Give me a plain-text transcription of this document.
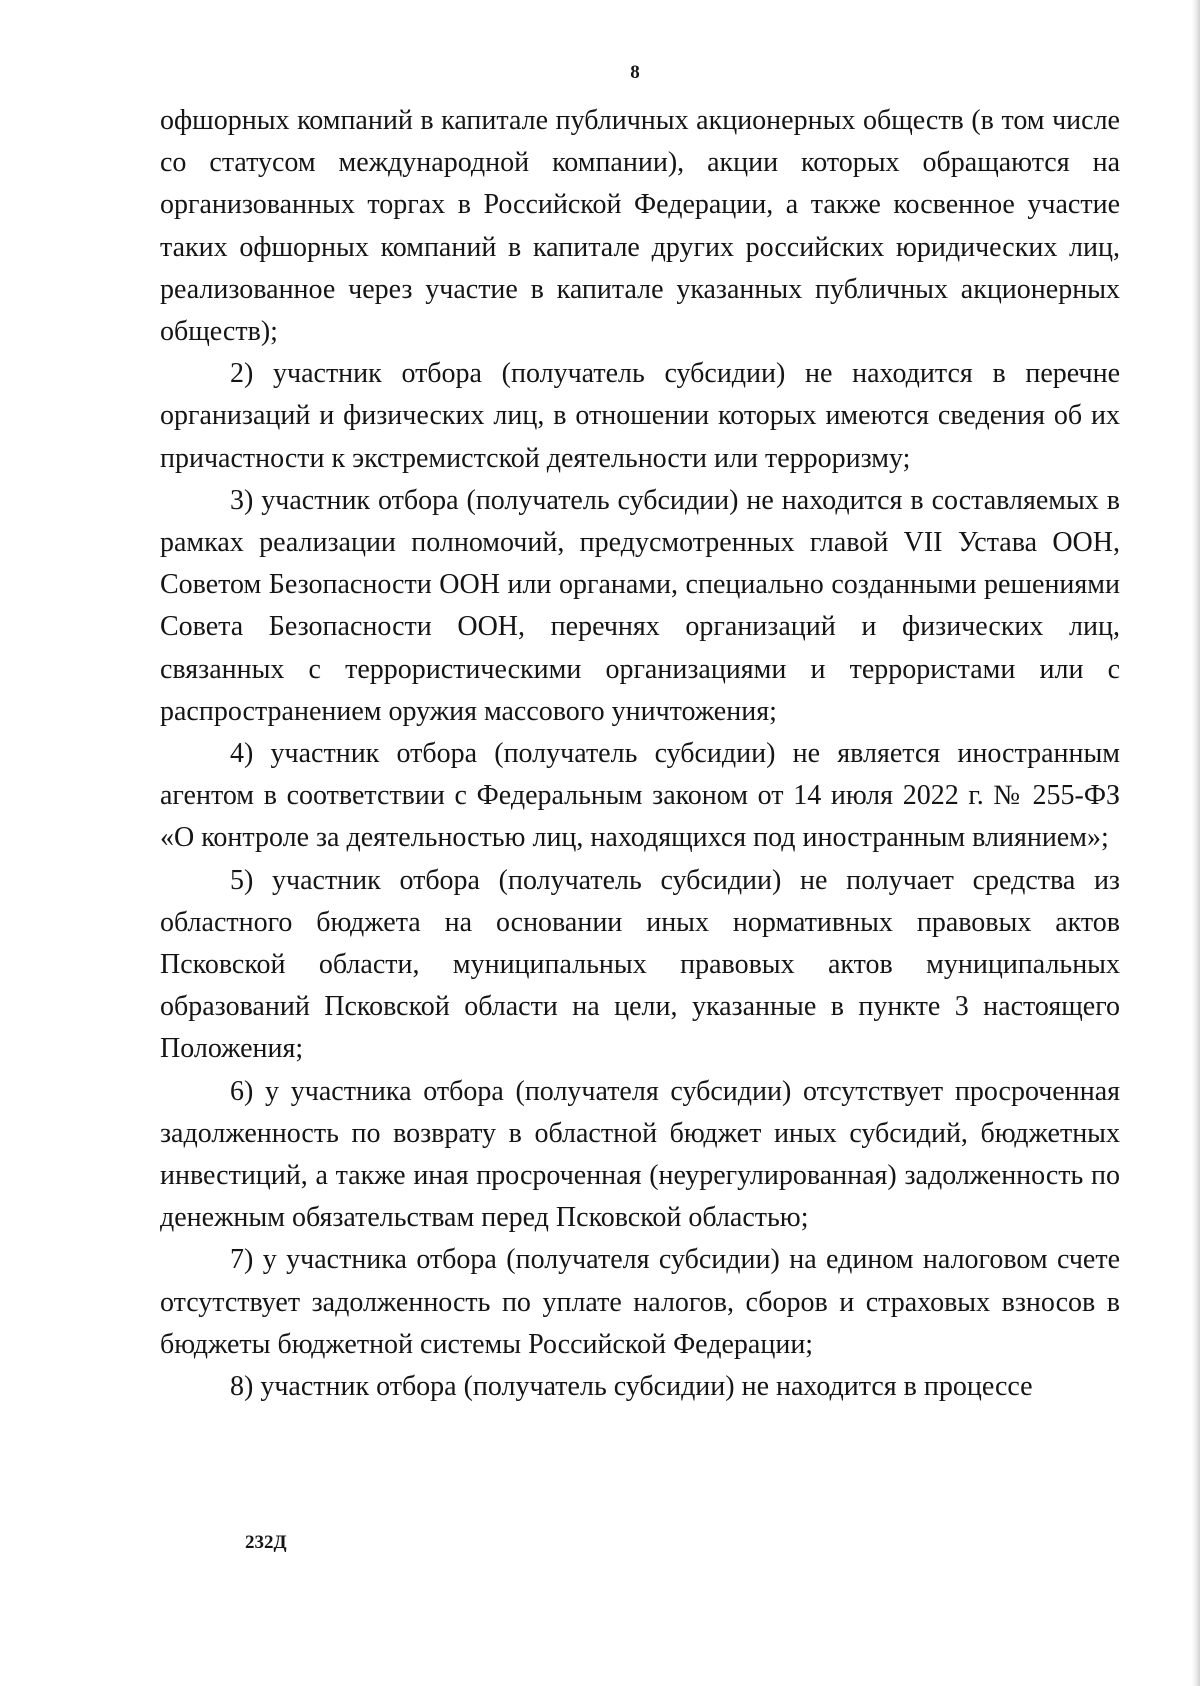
8

офшорных компаний в капитале публичных акционерных обществ (в том числе со статусом международной компании), акции которых обращаются на организованных торгах в Российской Федерации, а также косвенное участие таких офшорных компаний в капитале других российских юридических лиц, реализованное через участие в капитале указанных публичных акционерных обществ);

2) участник отбора (получатель субсидии) не находится в перечне организаций и физических лиц, в отношении которых имеются сведения об их причастности к экстремистской деятельности или терроризму;

3) участник отбора (получатель субсидии) не находится в составляемых в рамках реализации полномочий, предусмотренных главой VII Устава ООН, Советом Безопасности ООН или органами, специально созданными решениями Совета Безопасности ООН, перечнях организаций и физических лиц, связанных с террористическими организациями и террористами или с распространением оружия массового уничтожения;

4) участник отбора (получатель субсидии) не является иностранным агентом в соответствии с Федеральным законом от 14 июля 2022 г. № 255-ФЗ «О контроле за деятельностью лиц, находящихся под иностранным влиянием»;

5) участник отбора (получатель субсидии) не получает средства из областного бюджета на основании иных нормативных правовых актов Псковской области, муниципальных правовых актов муниципальных образований Псковской области на цели, указанные в пункте 3 настоящего Положения;

6) у участника отбора (получателя субсидии) отсутствует просроченная задолженность по возврату в областной бюджет иных субсидий, бюджетных инвестиций, а также иная просроченная (неурегулированная) задолженность по денежным обязательствам перед Псковской областью;

7) у участника отбора (получателя субсидии) на едином налоговом счете отсутствует задолженность по уплате налогов, сборов и страховых взносов в бюджеты бюджетной системы Российской Федерации;

8) участник отбора (получатель субсидии) не находится в процессе

232Д
